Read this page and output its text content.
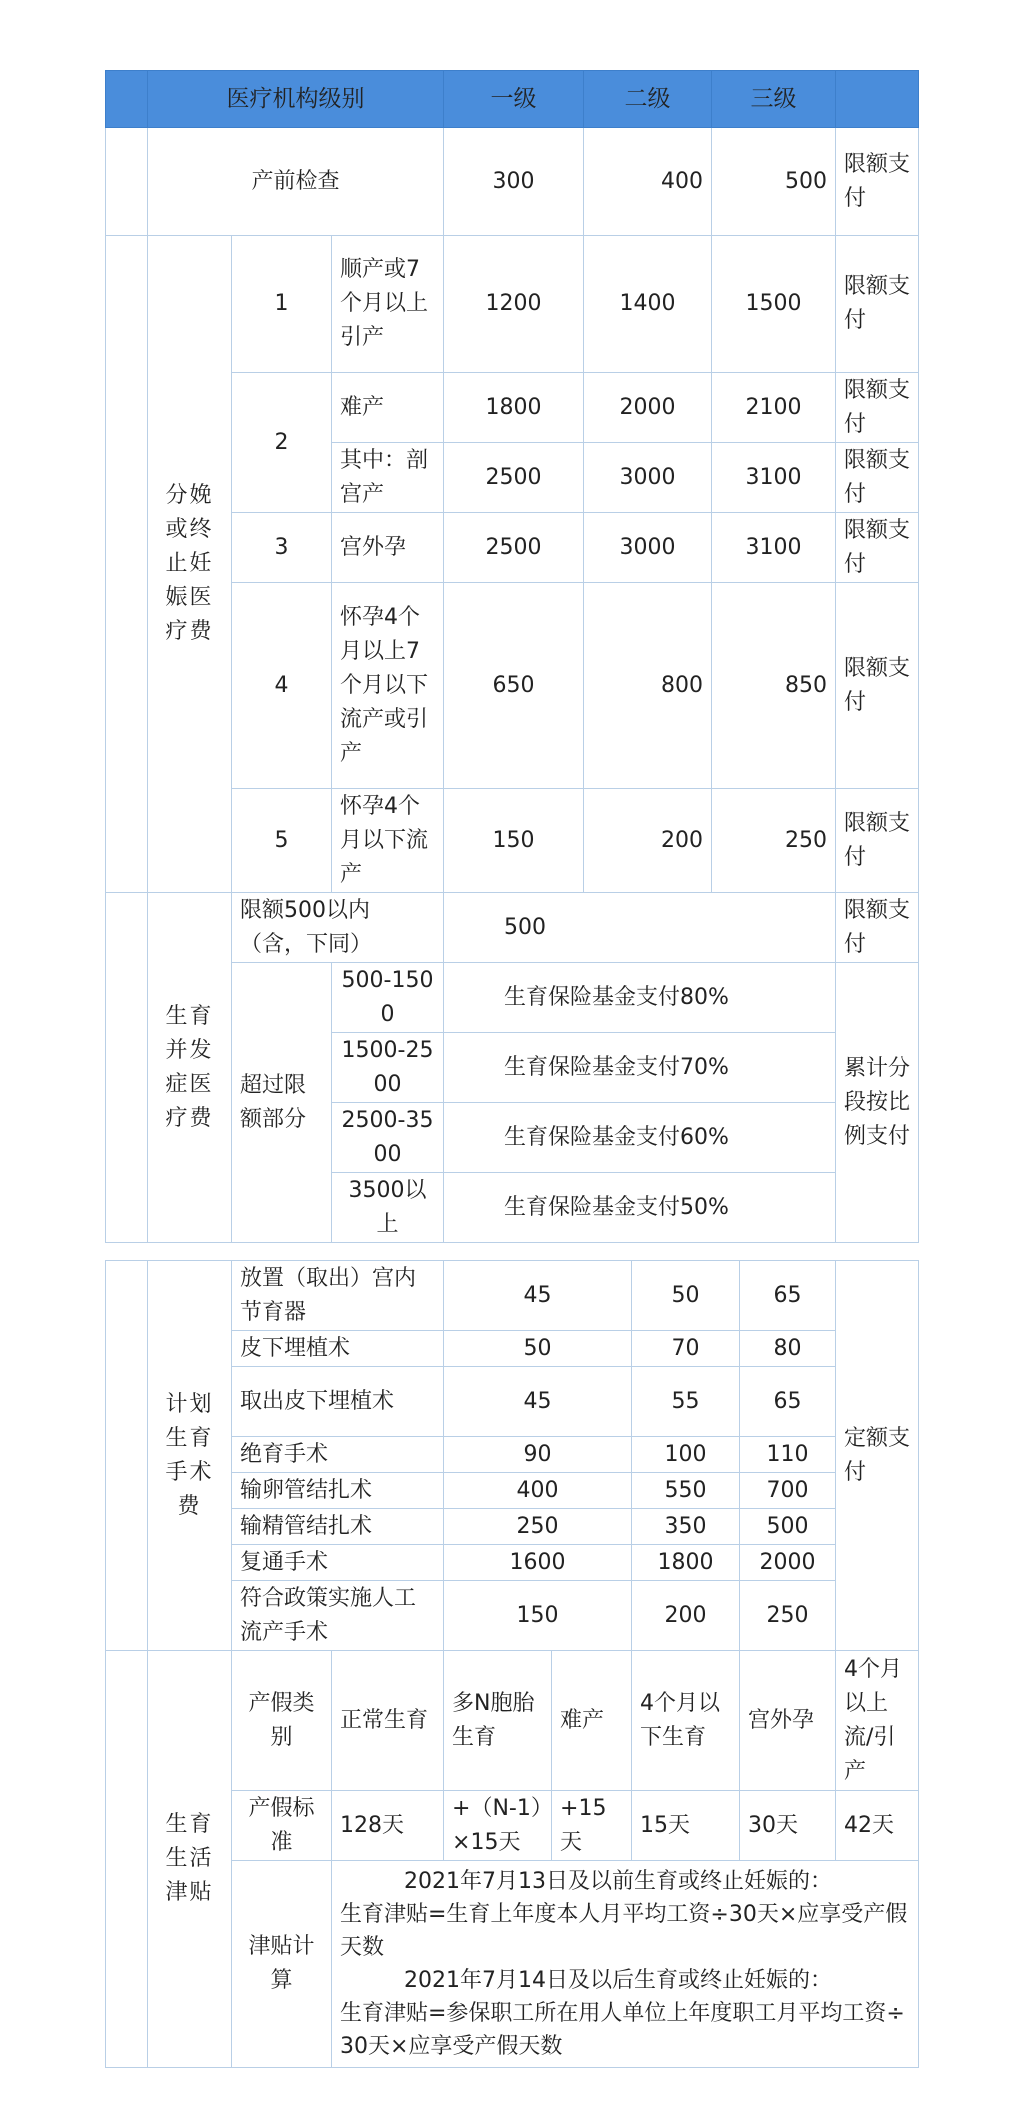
	医疗机构级别			一级	二级	三级	
	产前检查			300	400	500	限额支付
	分娩或终止妊娠医疗费	1	顺产或7个月以上引产	1200	1400	1500	限额支付
		2	难产	1800	2000	2100	限额支付
			其中：剖宫产	2500	3000	3100	限额支付
		3	宫外孕	2500	3000	3100	限额支付
		4	怀孕4个月以上7个月以下流产或引产	650	800	850	限额支付
		5	怀孕4个月以下流产	150	200	250	限额支付
	生育并发症医疗费	限额500以内（含，下同）		500			限额支付
		超过限额部分	500-1500	生育保险基金支付80%			累计分段按比例支付
			1500-2500	生育保险基金支付70%			
			2500-3500	生育保险基金支付60%			
			3500以上	生育保险基金支付50%			
	计划生育手术费	放置（取出）宫内节育器		45		50	65	定额支付
		皮下埋植术		50		70	80	
		取出皮下埋植术		45		55	65	
		绝育手术		90		100	110	
		输卵管结扎术		400		550	700	
		输精管结扎术		250		350	500	
		复通手术		1600		1800	2000	
		符合政策实施人工流产手术		150		200	250	
	生育生活津贴	产假类别	正常生育	多N胞胎生育	难产	4个月以下生育	宫外孕	4个月以上流/引产
		产假标准	128天	+（N-1）×15天	+15天	15天	30天	42天
		津贴计算	2021年7月13日及以前生育或终止妊娠的：
生育津贴=生育上年度本人月平均工资÷30天×应享受产假天数
2021年7月14日及以后生育或终止妊娠的：
生育津贴=参保职工所在用人单位上年度职工月平均工资÷30天×应享受产假天数					
